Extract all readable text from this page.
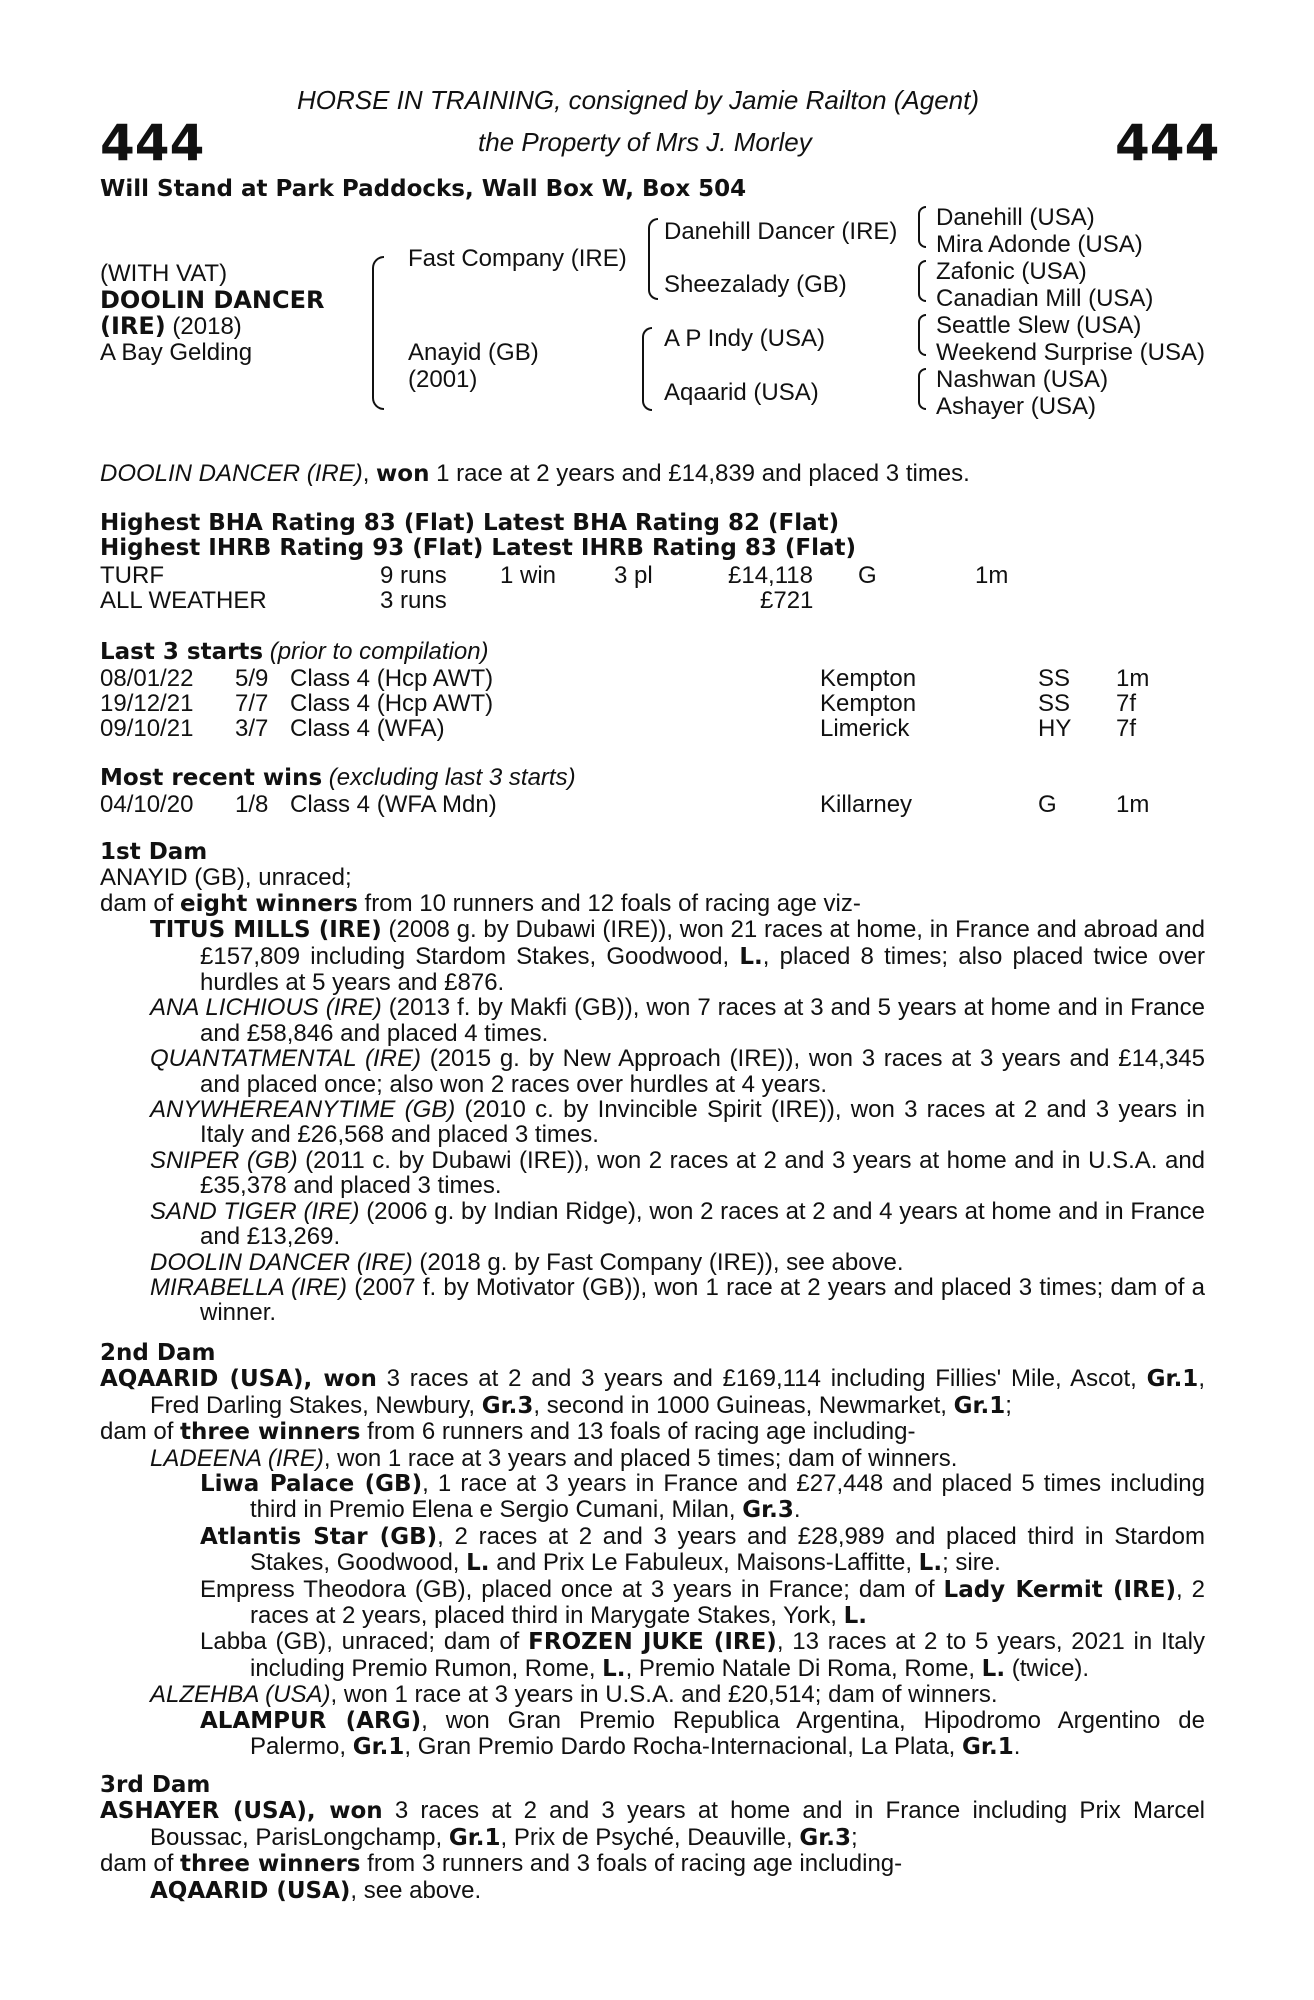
HORSE IN TRAINING, consigned by Jamie Railton (Agent)
the Property of Mrs J. Morley
444	444
Will Stand at Park Paddocks, Wall Box W, Box 504
(WITH VAT)
DOOLIN DANCER
(IRE) (2018)
A Bay Gelding
Fast Company (IRE)
Anayid (GB)
(2001)
Danehill Dancer (IRE)
Sheezalady (GB)
A P Indy (USA)
Aqaarid (USA)
Danehill (USA)
Mira Adonde (USA)
Zafonic (USA)
Canadian Mill (USA)
Seattle Slew (USA)
Weekend Surprise (USA)
Nashwan (USA)
Ashayer (USA)
DOOLIN DANCER (IRE), won 1 race at 2 years and £14,839 and placed 3 times.
Highest BHA Rating 83 (Flat) Latest BHA Rating 82 (Flat)
Highest IHRB Rating 93 (Flat) Latest IHRB Rating 83 (Flat)
TURF	9 runs 1 win 3 pl	£14,118 G	1m
ALL WEATHER	3 runs	£721
Last 3 starts (prior to compilation)
08/01/22 5/9 Class 4 (Hcp AWT)	Kempton	SS 1m
19/12/21 7/7 Class 4 (Hcp AWT)	Kempton	SS 7f
09/10/21 3/7 Class 4 (WFA)	Limerick	HY 7f
Most recent wins (excluding last 3 starts)
04/10/20 1/8 Class 4 (WFA Mdn)	Killarney	G 1m

1st Dam

ANAYID (GB), unraced;

dam of eight winners from 10 runners and 12 foals of racing age viz-

TITUS MILLS (IRE) (2008 g. by Dubawi (IRE)), won 21 races at home, in France and abroad and £157,809 including Stardom Stakes, Goodwood, L., placed 8 times; also placed twice over hurdles at 5 years and £876.

ANA LICHIOUS (IRE) (2013 f. by Makfi (GB)), won 7 races at 3 and 5 years at home and in France and £58,846 and placed 4 times.

QUANTATMENTAL (IRE) (2015 g. by New Approach (IRE)), won 3 races at 3 years and £14,345 and placed once; also won 2 races over hurdles at 4 years.

ANYWHEREANYTIME (GB) (2010 c. by Invincible Spirit (IRE)), won 3 races at 2 and 3 years in Italy and £26,568 and placed 3 times.

SNIPER (GB) (2011 c. by Dubawi (IRE)), won 2 races at 2 and 3 years at home and in U.S.A. and £35,378 and placed 3 times.

SAND TIGER (IRE) (2006 g. by Indian Ridge), won 2 races at 2 and 4 years at home and in France and £13,269.

DOOLIN DANCER (IRE) (2018 g. by Fast Company (IRE)), see above.

MIRABELLA (IRE) (2007 f. by Motivator (GB)), won 1 race at 2 years and placed 3 times; dam of a winner.

2nd Dam

AQAARID (USA), won 3 races at 2 and 3 years and £169,114 including Fillies' Mile, Ascot, Gr.1, Fred Darling Stakes, Newbury, Gr.3, second in 1000 Guineas, Newmarket, Gr.1;

dam of three winners from 6 runners and 13 foals of racing age including-

LADEENA (IRE), won 1 race at 3 years and placed 5 times; dam of winners.

Liwa Palace (GB), 1 race at 3 years in France and £27,448 and placed 5 times including third in Premio Elena e Sergio Cumani, Milan, Gr.3.

Atlantis Star (GB), 2 races at 2 and 3 years and £28,989 and placed third in Stardom Stakes, Goodwood, L. and Prix Le Fabuleux, Maisons-Laffitte, L.; sire.

Empress Theodora (GB), placed once at 3 years in France; dam of Lady Kermit (IRE), 2 races at 2 years, placed third in Marygate Stakes, York, L.

Labba (GB), unraced; dam of FROZEN JUKE (IRE), 13 races at 2 to 5 years, 2021 in Italy including Premio Rumon, Rome, L., Premio Natale Di Roma, Rome, L. (twice).

ALZEHBA (USA), won 1 race at 3 years in U.S.A. and £20,514; dam of winners.

ALAMPUR (ARG), won Gran Premio Republica Argentina, Hipodromo Argentino de Palermo, Gr.1, Gran Premio Dardo Rocha-Internacional, La Plata, Gr.1.

3rd Dam

ASHAYER (USA), won 3 races at 2 and 3 years at home and in France including Prix Marcel Boussac, ParisLongchamp, Gr.1, Prix de Psyché, Deauville, Gr.3;

dam of three winners from 3 runners and 3 foals of racing age including-

AQAARID (USA), see above.
